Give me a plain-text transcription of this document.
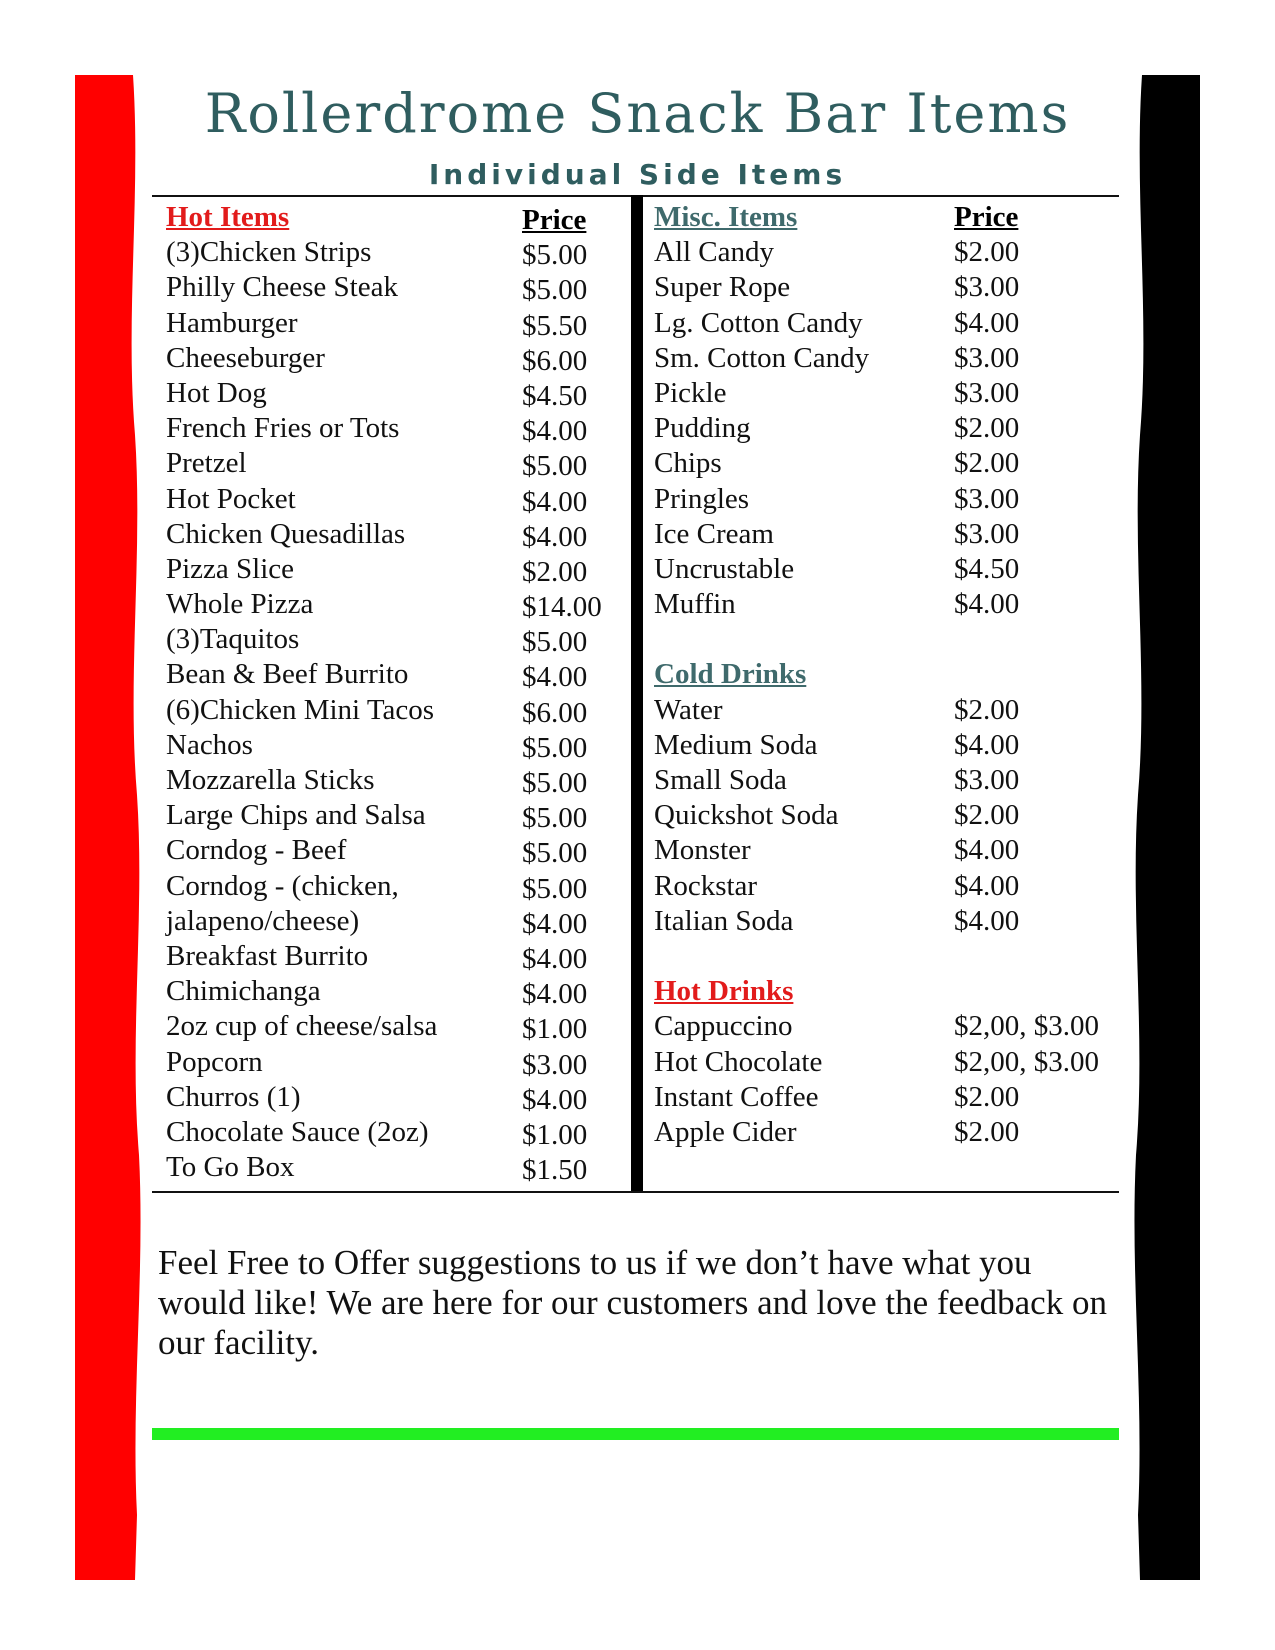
Rollerdrome Snack Bar Items
Individual Side Items
Hot Items	Price
(3)Chicken Strips	$5.00
Philly Cheese Steak	$5.00
Hamburger	$5.50
Cheeseburger	$6.00
Hot Dog	$4.50
French Fries or Tots	$4.00
Pretzel	$5.00
Hot Pocket	$4.00
Chicken Quesadillas	$4.00
Pizza Slice	$2.00
Whole Pizza	$14.00
(3)Taquitos	$5.00
Bean & Beef Burrito	$4.00
(6)Chicken Mini Tacos	$6.00
Nachos	$5.00
Mozzarella Sticks	$5.00
Large Chips and Salsa	$5.00
Corndog - Beef	$5.00
Corndog - (chicken,	$5.00
jalapeno/cheese)	$4.00
Breakfast Burrito	$4.00
Chimichanga	$4.00
2oz cup of cheese/salsa	$1.00
Popcorn	$3.00
Churros (1)	$4.00
Chocolate Sauce (2oz)	$1.00
To Go Box	$1.50
Misc. Items	Price
All Candy	$2.00
Super Rope	$3.00
Lg. Cotton Candy	$4.00
Sm. Cotton Candy	$3.00
Pickle	$3.00
Pudding	$2.00
Chips	$2.00
Pringles	$3.00
Ice Cream	$3.00
Uncrustable	$4.50
Muffin	$4.00
Cold Drinks
Water	$2.00
Medium Soda	$4.00
Small Soda	$3.00
Quickshot Soda	$2.00
Monster	$4.00
Rockstar	$4.00
Italian Soda	$4.00
Hot Drinks
Cappuccino	$2,00, $3.00
Hot Chocolate	$2,00, $3.00
Instant Coffee	$2.00
Apple Cider	$2.00
Feel Free to Offer suggestions to us if we don’t have what you would like! We are here for our customers and love the feedback on our facility.
